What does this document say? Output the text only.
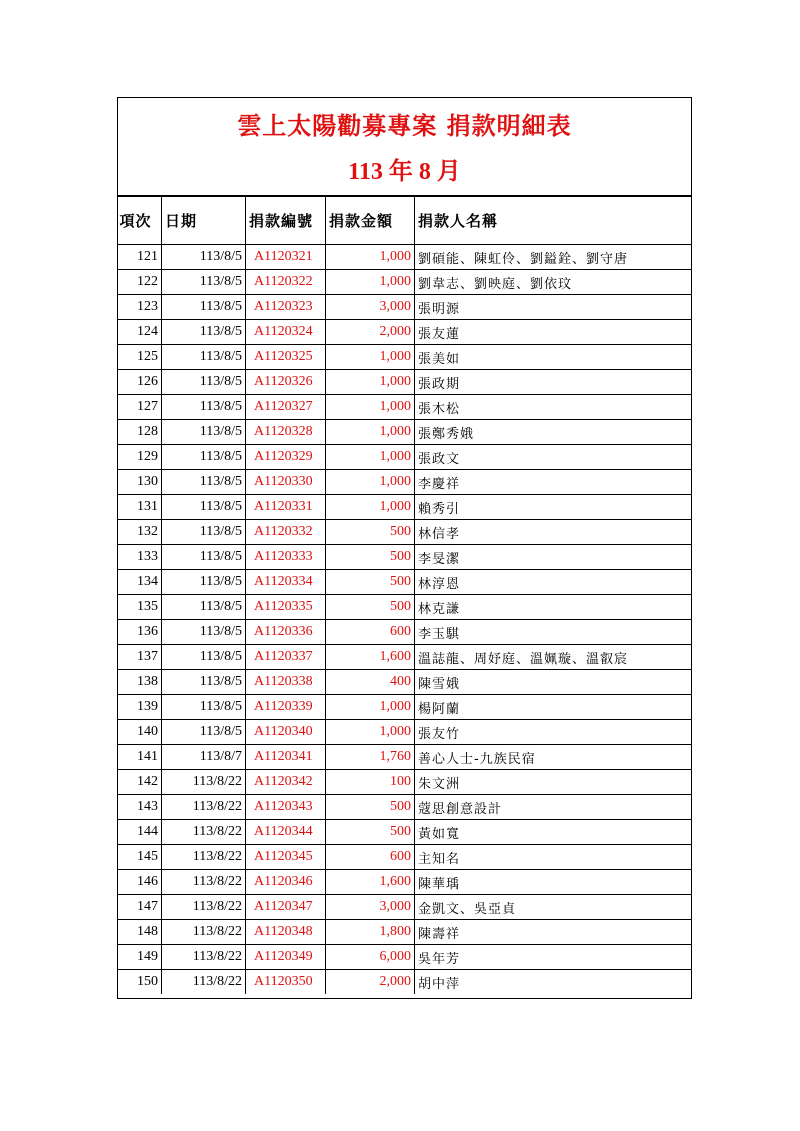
雲上太陽勸募專案 捐款明細表
113 年 8 月
項次	日期	捐款編號	捐款金額	捐款人名稱
121	113/8/5	A1120321	1,000	劉碩能、陳虹伶、劉鎰銓、劉守唐
122	113/8/5	A1120322	1,000	劉韋志、劉映庭、劉依玟
123	113/8/5	A1120323	3,000	張明源
124	113/8/5	A1120324	2,000	張友蓮
125	113/8/5	A1120325	1,000	張美如
126	113/8/5	A1120326	1,000	張政期
127	113/8/5	A1120327	1,000	張木松
128	113/8/5	A1120328	1,000	張鄭秀娥
129	113/8/5	A1120329	1,000	張政文
130	113/8/5	A1120330	1,000	李慶祥
131	113/8/5	A1120331	1,000	賴秀引
132	113/8/5	A1120332	500	林信孝
133	113/8/5	A1120333	500	李旻潔
134	113/8/5	A1120334	500	林淳恩
135	113/8/5	A1120335	500	林克謙
136	113/8/5	A1120336	600	李玉騏
137	113/8/5	A1120337	1,600	溫誌龍、周妤庭、溫姵璇、溫叡宸
138	113/8/5	A1120338	400	陳雪娥
139	113/8/5	A1120339	1,000	楊阿蘭
140	113/8/5	A1120340	1,000	張友竹
141	113/8/7	A1120341	1,760	善心人士-九族民宿
142	113/8/22	A1120342	100	朱文洲
143	113/8/22	A1120343	500	蔻思創意設計
144	113/8/22	A1120344	500	黃如寬
145	113/8/22	A1120345	600	主知名
146	113/8/22	A1120346	1,600	陳華瑀
147	113/8/22	A1120347	3,000	金凱文、吳亞貞
148	113/8/22	A1120348	1,800	陳壽祥
149	113/8/22	A1120349	6,000	吳年芳
150	113/8/22	A1120350	2,000	胡中萍
